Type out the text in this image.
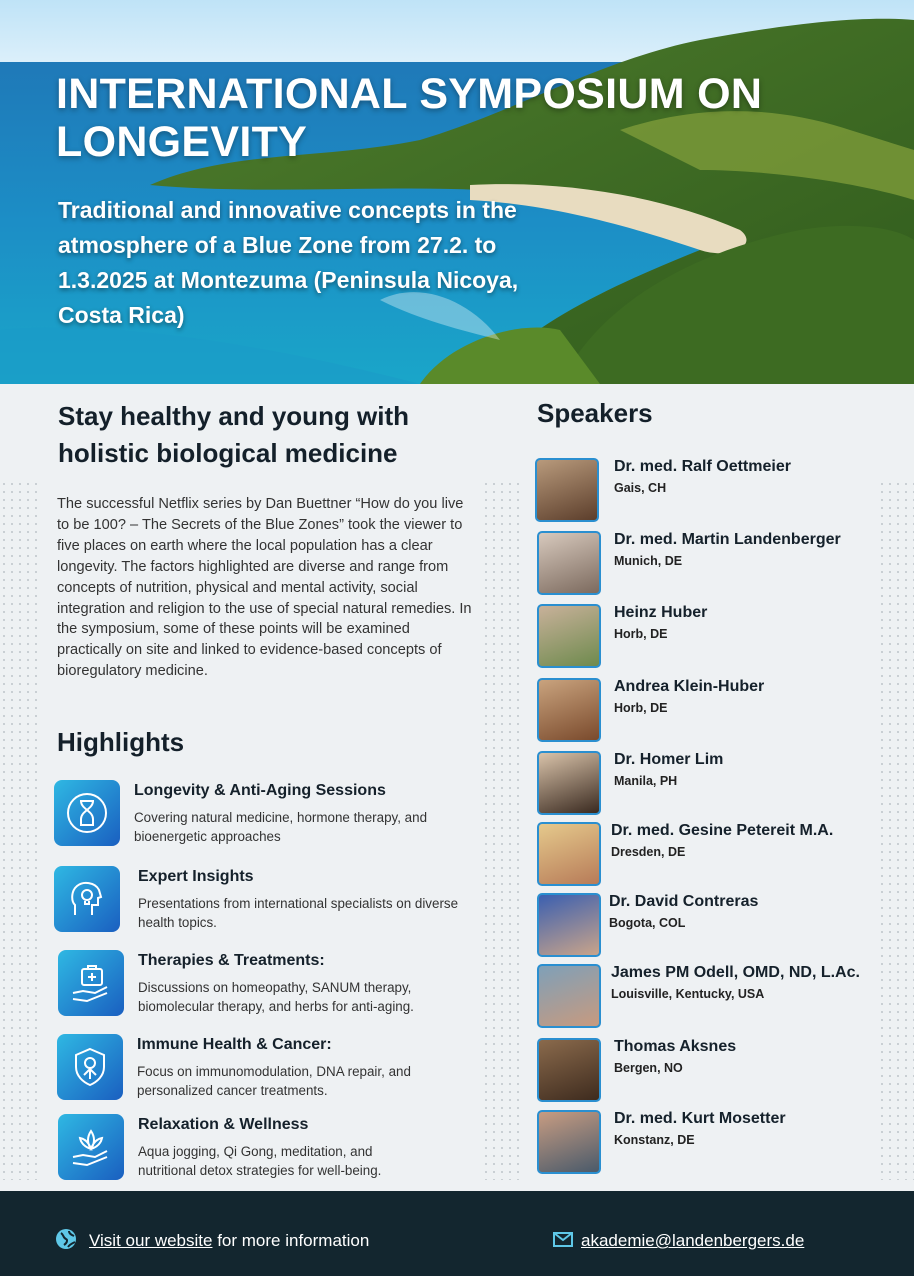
INTERNATIONAL SYMPOSIUM ON LONGEVITY

Traditional and innovative concepts in the atmosphere of a Blue Zone from 27.2. to 1.3.2025 at Montezuma (Peninsula Nicoya, Costa Rica)

Stay healthy and young with holistic biological medicine

The successful Netflix series by Dan Buettner “How do you live to be 100? – The Secrets of the Blue Zones” took the viewer to five places on earth where the local population has a clear longevity. The factors highlighted are diverse and range from concepts of nutrition, physical and mental activity, social integration and religion to the use of special natural remedies. In the symposium, some of these points will be examined practically on site and linked to evidence-based concepts of bioregulatory medicine.

Highlights
Longevity & Anti-Aging Sessions
Covering natural medicine, hormone therapy, and bioenergetic approaches
Expert Insights
Presentations from international specialists on diverse health topics.
Therapies & Treatments:
Discussions on homeopathy, SANUM therapy, biomolecular therapy, and herbs for anti-aging.
Immune Health & Cancer:
Focus on immunomodulation, DNA repair, and personalized cancer treatments.
Relaxation & Wellness
Aqua jogging, Qi Gong, meditation, and nutritional detox strategies for well-being.
Speakers
Dr. med. Ralf Oettmeier
Gais, CH
Dr. med. Martin Landenberger
Munich, DE
Heinz Huber
Horb, DE
Andrea Klein-Huber
Horb, DE
Dr. Homer Lim
Manila, PH
Dr. med. Gesine Petereit M.A.
Dresden, DE
Dr. David Contreras
Bogota, COL
James PM Odell, OMD, ND, L.Ac.
Louisville, Kentucky, USA
Thomas Aksnes
Bergen, NO
Dr. med. Kurt Mosetter
Konstanz, DE
Visit our website for more information	akademie@landenbergers.de
